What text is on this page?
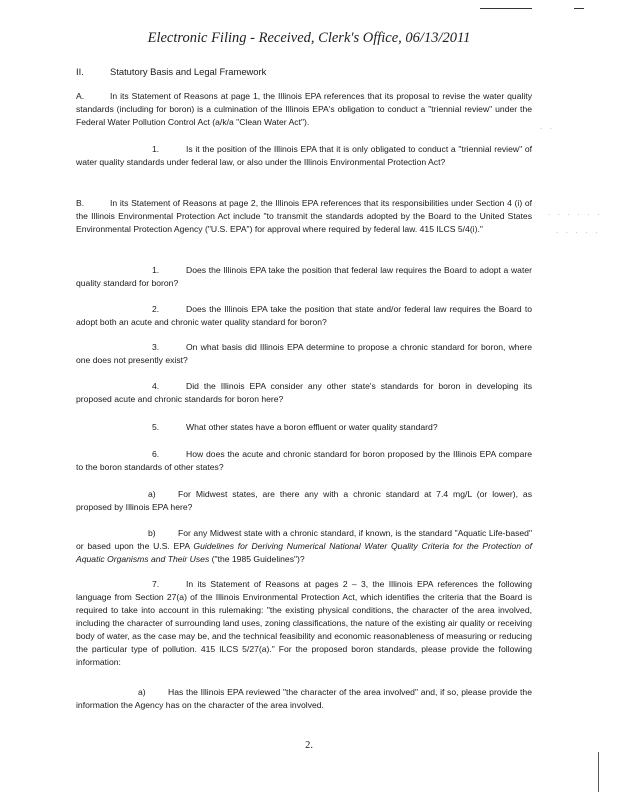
Electronic Filing - Received, Clerk's Office, 06/13/2011
II.	Statutory Basis and Legal Framework
A.	In its Statement of Reasons at page 1, the Illinois EPA references that its proposal to revise the water quality standards (including for boron) is a culmination of the Illinois EPA's obligation to conduct a "triennial review" under the Federal Water Pollution Control Act (a/k/a "Clean Water Act").
1.	Is it the position of the Illinois EPA that it is only obligated to conduct a "triennial review" of water quality standards under federal law, or also under the Illinois Environmental Protection Act?
B.	In its Statement of Reasons at page 2, the Illinois EPA references that its responsibilities under Section 4 (i) of the Illinois Environmental Protection Act include "to transmit the standards adopted by the Board to the United States Environmental Protection Agency ("U.S. EPA") for approval where required by federal law. 415 ILCS 5/4(i)."
1.	Does the Illinois EPA take the position that federal law requires the Board to adopt a water quality standard for boron?
2.	Does the Illinois EPA take the position that state and/or federal law requires the Board to adopt both an acute and chronic water quality standard for boron?
3.	On what basis did Illinois EPA determine to propose a chronic standard for boron, where one does not presently exist?
4.	Did the Illinois EPA consider any other state's standards for boron in developing its proposed acute and chronic standards for boron here?
5.	What other states have a boron effluent or water quality standard?
6.	How does the acute and chronic standard for boron proposed by the Illinois EPA compare to the boron standards of other states?
a)	For Midwest states, are there any with a chronic standard at 7.4 mg/L (or lower), as proposed by Illinois EPA here?
b)	For any Midwest state with a chronic standard, if known, is the standard "Aquatic Life-based" or based upon the U.S. EPA Guidelines for Deriving Numerical National Water Quality Criteria for the Protection of Aquatic Organisms and Their Uses ("the 1985 Guidelines")?
7.	In its Statement of Reasons at pages 2 – 3, the Illinois EPA references the following language from Section 27(a) of the Illinois Environmental Protection Act, which identifies the criteria that the Board is required to take into account in this rulemaking: "the existing physical conditions, the character of the area involved, including the character of surrounding land uses, zoning classifications, the nature of the existing air quality or receiving body of water, as the case may be, and the technical feasibility and economic reasonableness of measuring or reducing the particular type of pollution. 415 ILCS 5/27(a)." For the proposed boron standards, please provide the following information:
a)	Has the Illinois EPA reviewed "the character of the area involved" and, if so, please provide the information the Agency has on the character of the area involved.
2.
. . . . . .
. . . . .
. .
